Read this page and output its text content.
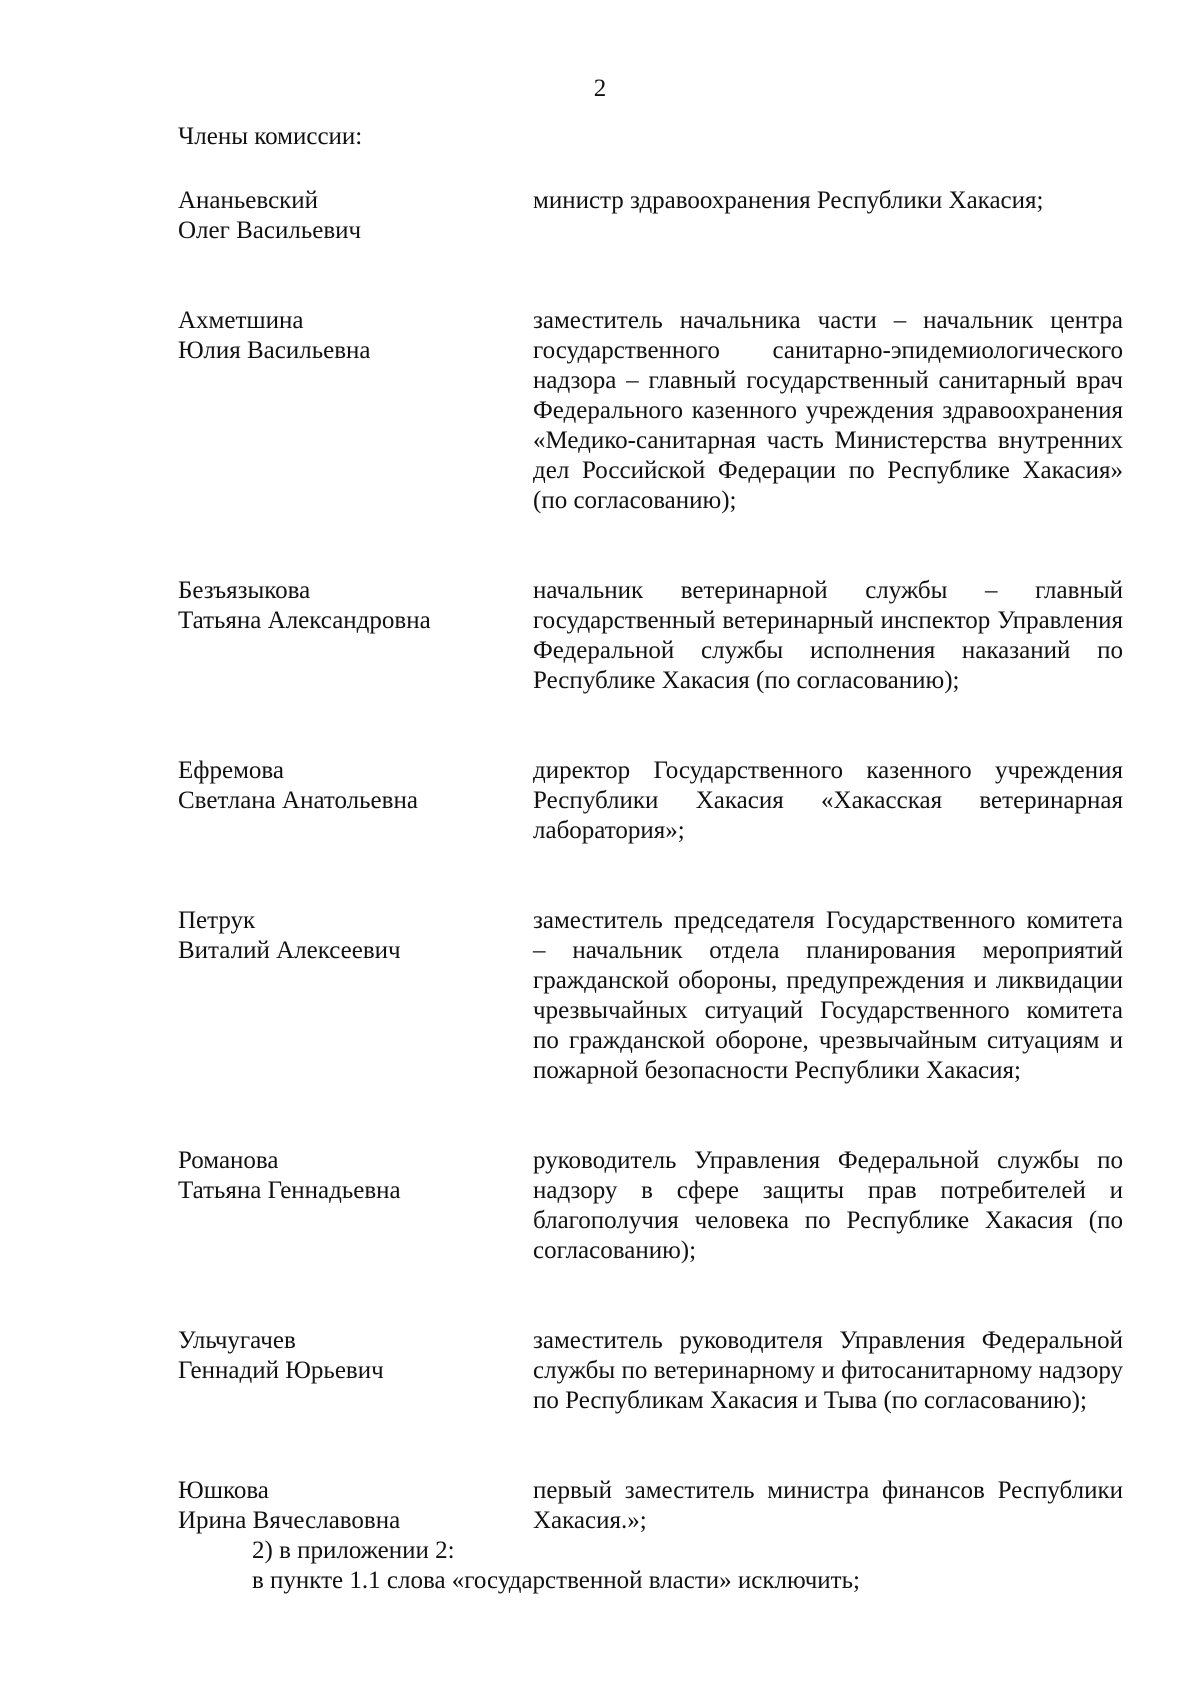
2
Члены комиссии:
Ананьевский
Олег Васильевич
министр здравоохранения Республики Хакасия;
Ахметшина
Юлия Васильевна
заместитель начальника части – начальник центра государственного санитарно-эпидемиологического надзора – главный государственный санитарный врач Федерального казенного учреждения здравоохранения «Медико-санитарная часть Министерства внутренних дел Российской Федерации по Республике Хакасия» (по согласованию);
Безъязыкова
Татьяна Александровна
начальник ветеринарной службы – главный государственный ветеринарный инспектор Управления Федеральной службы исполнения наказаний по Республике Хакасия (по согласованию);
Ефремова
Светлана Анатольевна
директор Государственного казенного учреждения Республики Хакасия «Хакасская ветеринарная лаборатория»;
Петрук
Виталий Алексеевич
заместитель председателя Государственного комитета – начальник отдела планирования мероприятий гражданской обороны, предупреждения и ликвидации чрезвычайных ситуаций Государственного комитета по гражданской обороне, чрезвычайным ситуациям и пожарной безопасности Республики Хакасия;
Романова
Татьяна Геннадьевна
руководитель Управления Федеральной службы по надзору в сфере защиты прав потребителей и благополучия человека по Республике Хакасия (по согласованию);
Ульчугачев
Геннадий Юрьевич
заместитель руководителя Управления Федеральной службы по ветеринарному и фитосанитарному надзору по Республикам Хакасия и Тыва (по согласованию);
Юшкова
Ирина Вячеславовна
первый заместитель министра финансов Республики Хакасия.»;
2) в приложении 2:
в пункте 1.1 слова «государственной власти» исключить;
